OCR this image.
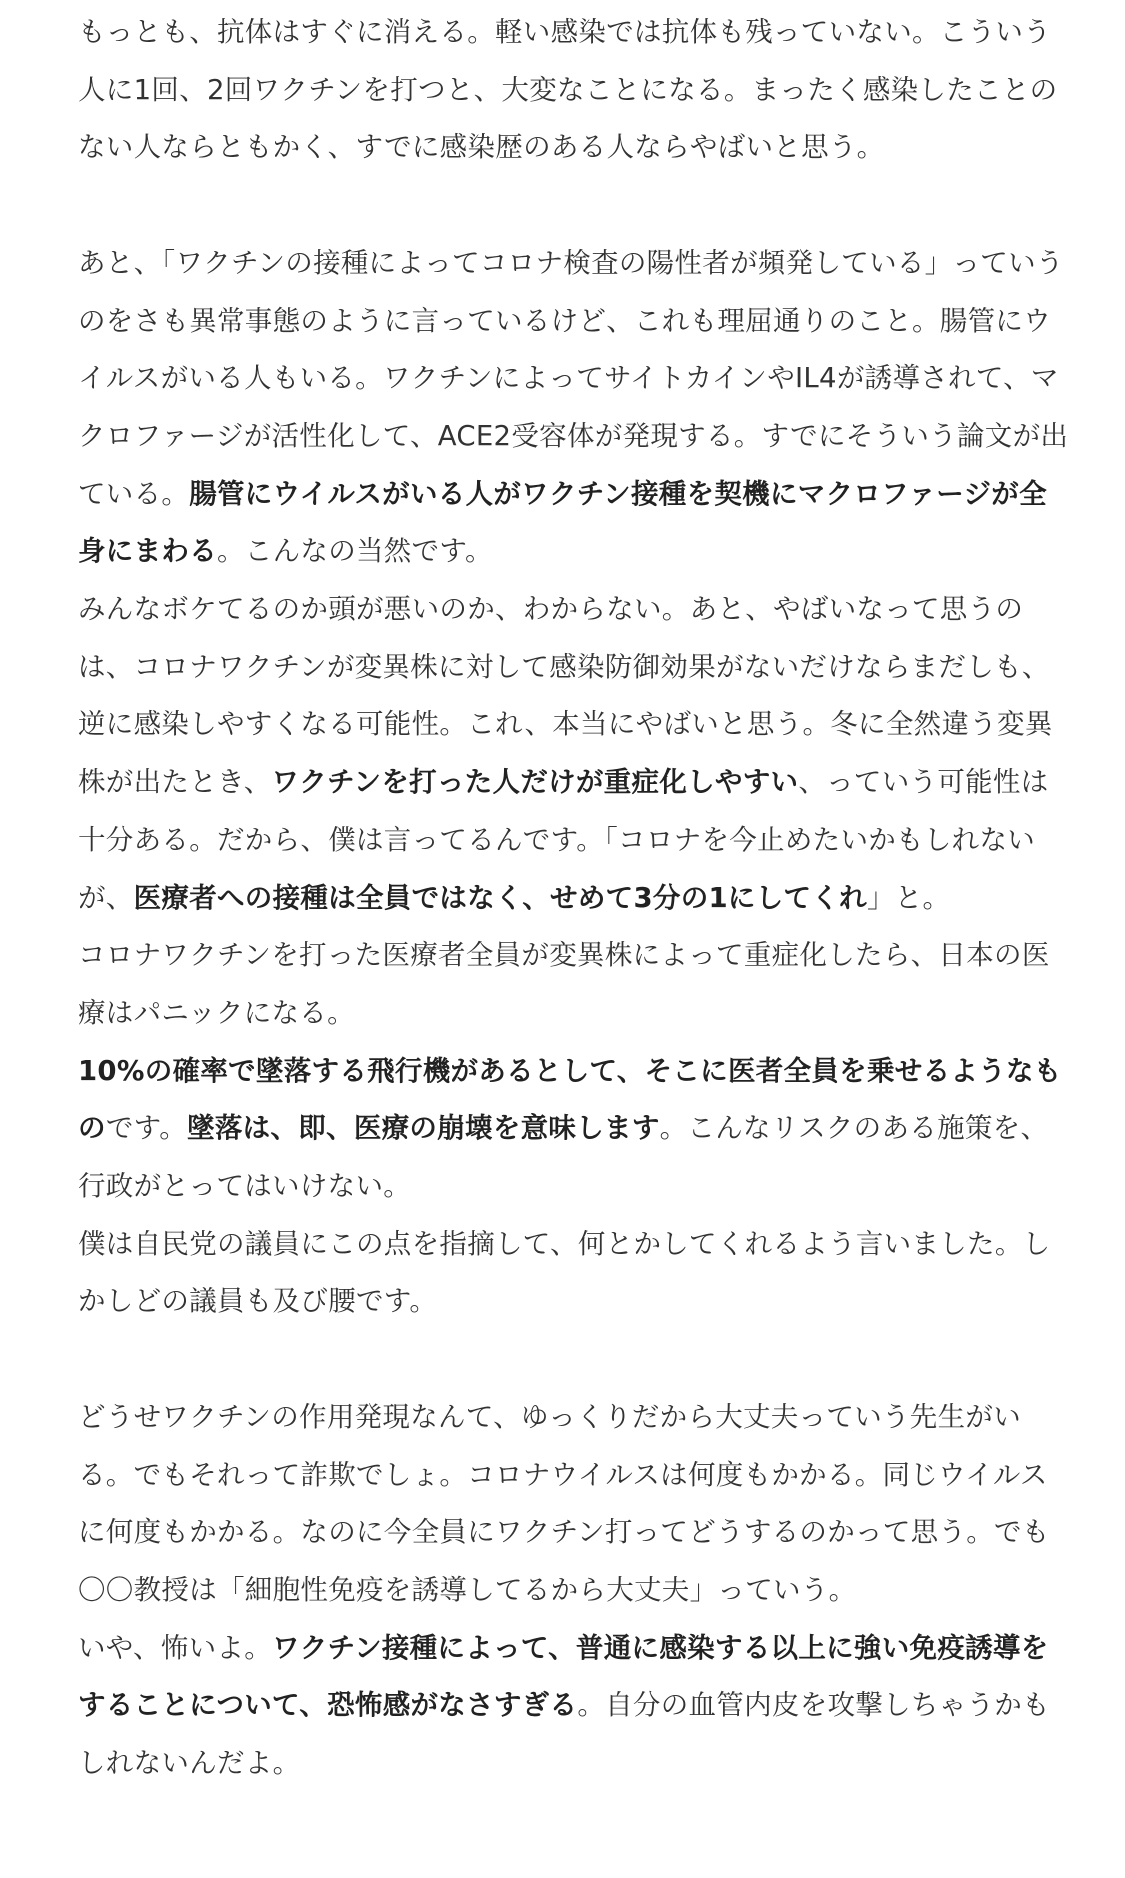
もっとも、抗体はすぐに消える。軽い感染では抗体も残っていない。こういう人に1回、2回ワクチンを打つと、大変なことになる。まったく感染したことのない人ならともかく、すでに感染歴のある人ならやばいと思う。

あと、「ワクチンの接種によってコロナ検査の陽性者が頻発している」っていうのをさも異常事態のように言っているけど、これも理屈通りのこと。腸管にウイルスがいる人もいる。ワクチンによってサイトカインやIL4が誘導されて、マクロファージが活性化して、ACE2受容体が発現する。すでにそういう論文が出ている。腸管にウイルスがいる人がワクチン接種を契機にマクロファージが全身にまわる。こんなの当然です。

みんなボケてるのか頭が悪いのか、わからない。あと、やばいなって思うのは、コロナワクチンが変異株に対して感染防御効果がないだけならまだしも、逆に感染しやすくなる可能性。これ、本当にやばいと思う。冬に全然違う変異株が出たとき、ワクチンを打った人だけが重症化しやすい、っていう可能性は十分ある。だから、僕は言ってるんです。「コロナを今止めたいかもしれないが、医療者への接種は全員ではなく、せめて3分の1にしてくれ」と。

コロナワクチンを打った医療者全員が変異株によって重症化したら、日本の医療はパニックになる。

10%の確率で墜落する飛行機があるとして、そこに医者全員を乗せるようなものです。墜落は、即、医療の崩壊を意味します。こんなリスクのある施策を、行政がとってはいけない。

僕は自民党の議員にこの点を指摘して、何とかしてくれるよう言いました。しかしどの議員も及び腰です。

どうせワクチンの作用発現なんて、ゆっくりだから大丈夫っていう先生がいる。でもそれって詐欺でしょ。コロナウイルスは何度もかかる。同じウイルスに何度もかかる。なのに今全員にワクチン打ってどうするのかって思う。でも〇〇教授は「細胞性免疫を誘導してるから大丈夫」っていう。

いや、怖いよ。ワクチン接種によって、普通に感染する以上に強い免疫誘導をすることについて、恐怖感がなさすぎる。自分の血管内皮を攻撃しちゃうかもしれないんだよ。
